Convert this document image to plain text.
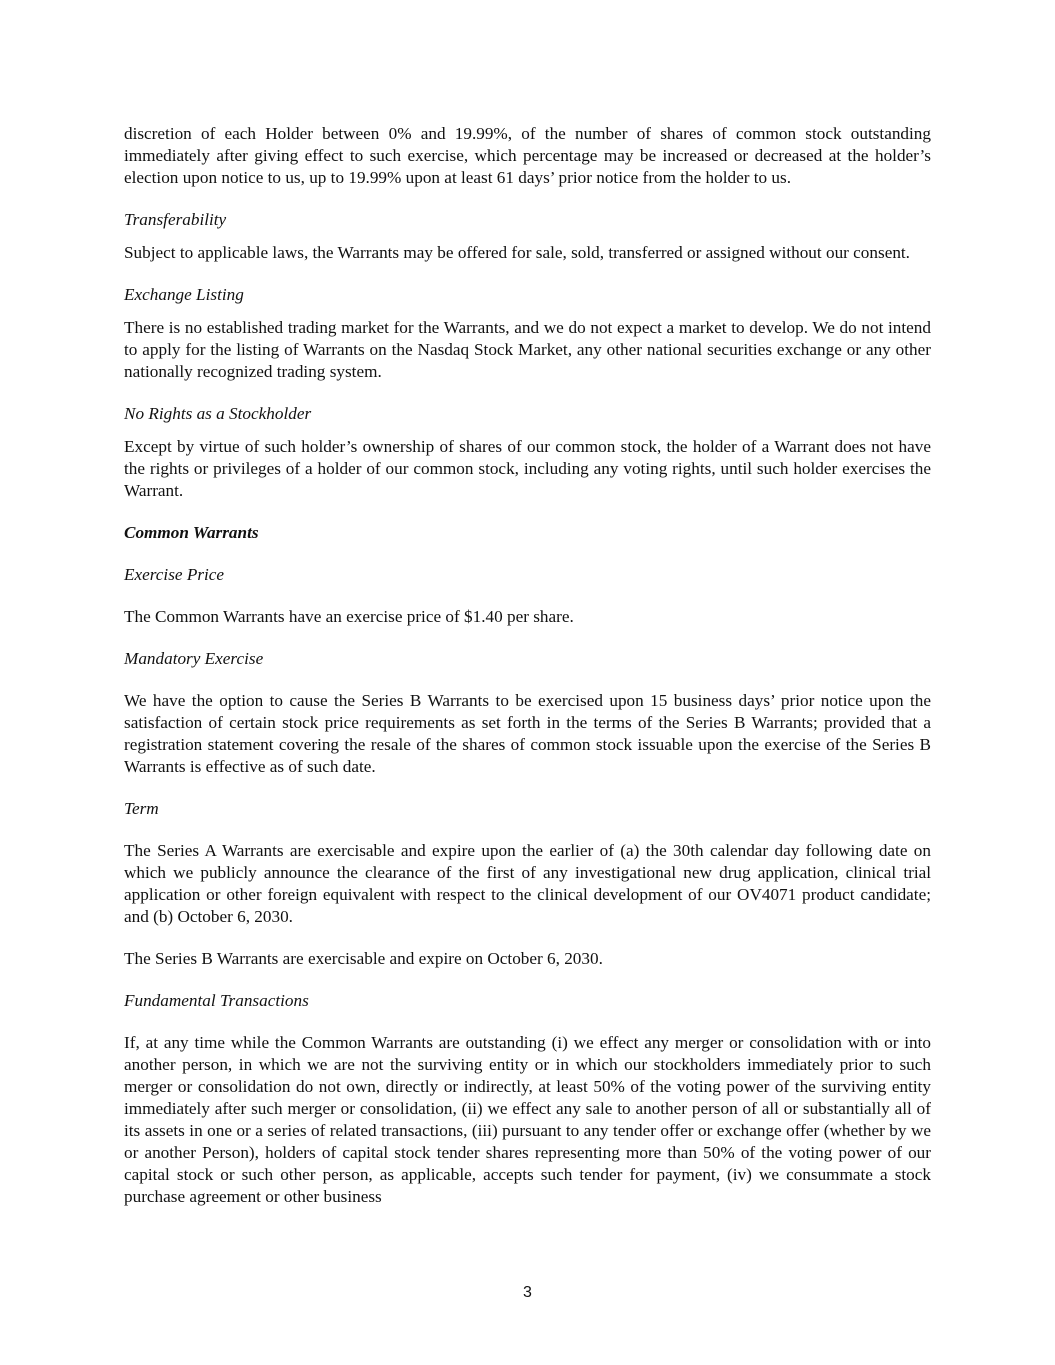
discretion of each Holder between 0% and 19.99%, of the number of shares of common stock outstanding immediately after giving effect to such exercise, which percentage may be increased or decreased at the holder’s election upon notice to us, up to 19.99% upon at least 61 days’ prior notice from the holder to us.

Transferability

Subject to applicable laws, the Warrants may be offered for sale, sold, transferred or assigned without our consent.

Exchange Listing

There is no established trading market for the Warrants, and we do not expect a market to develop. We do not intend to apply for the listing of Warrants on the Nasdaq Stock Market, any other national securities exchange or any other nationally recognized trading system.

No Rights as a Stockholder

Except by virtue of such holder’s ownership of shares of our common stock, the holder of a Warrant does not have the rights or privileges of a holder of our common stock, including any voting rights, until such holder exercises the Warrant.

Common Warrants

Exercise Price

The Common Warrants have an exercise price of $1.40 per share.

Mandatory Exercise

We have the option to cause the Series B Warrants to be exercised upon 15 business days’ prior notice upon the satisfaction of certain stock price requirements as set forth in the terms of the Series B Warrants; provided that a registration statement covering the resale of the shares of common stock issuable upon the exercise of the Series B Warrants is effective as of such date.

Term

The Series A Warrants are exercisable and expire upon the earlier of (a) the 30th calendar day following date on which we publicly announce the clearance of the first of any investigational new drug application, clinical trial application or other foreign equivalent with respect to the clinical development of our OV4071 product candidate; and (b) October 6, 2030.

The Series B Warrants are exercisable and expire on October 6, 2030.

Fundamental Transactions

If, at any time while the Common Warrants are outstanding (i) we effect any merger or consolidation with or into another person, in which we are not the surviving entity or in which our stockholders immediately prior to such merger or consolidation do not own, directly or indirectly, at least 50% of the voting power of the surviving entity immediately after such merger or consolidation, (ii) we effect any sale to another person of all or substantially all of its assets in one or a series of related transactions, (iii) pursuant to any tender offer or exchange offer (whether by we or another Person), holders of capital stock tender shares representing more than 50% of the voting power of our capital stock or such other person, as applicable, accepts such tender for payment, (iv) we consummate a stock purchase agreement or other business

3
